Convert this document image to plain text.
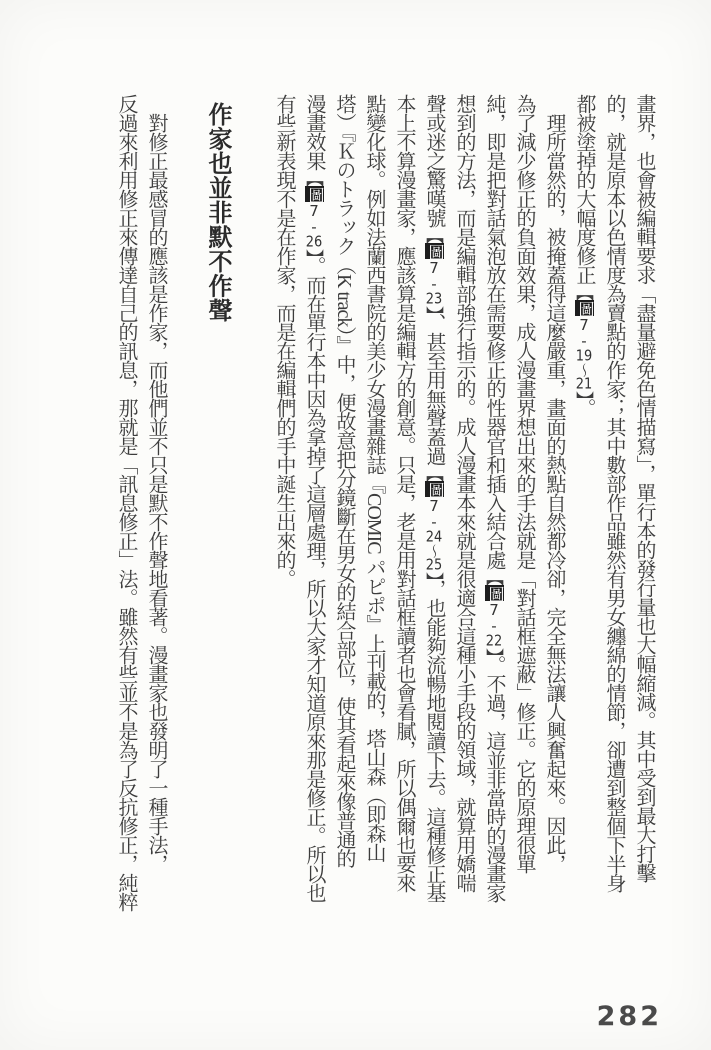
畫界，也會被編輯要求「盡量避免色情描寫」，單行本的發行量也大幅縮減。其中受到最大打擊
的，就是原本以色情度為賣點的作家；其中數部作品雖然有男女纏綿的情節，卻遭到整個下半身
都被塗掉的大幅度修正【圖7-19～21】。
理所當然的，被掩蓋得這麼嚴重，畫面的熱點自然都冷卻，完全無法讓人興奮起來。因此，
為了減少修正的負面效果，成人漫畫界想出來的手法就是「對話框遮蔽」修正。它的原理很單
純，即是把對話氣泡放在需要修正的性器官和插入結合處【圖7-22】。不過，這並非當時的漫畫家
想到的方法，而是編輯部強行指示的。成人漫畫本來就是很適合這種小手段的領域，就算用嬌喘
聲或迷之驚嘆號【圖7-23】、甚至用無聲蓋過【圖7-24～25】，也能夠流暢地閱讀下去。這種修正基
本上不算漫畫家，應該算是編輯方的創意。只是，老是用對話框讀者也會看膩，所以偶爾也要來
點變化球。例如法蘭西書院的美少女漫畫雜誌『COMIC パピポ』上刊載的，塔山森（即森山
塔）『Ｋのトラック（K track）』中，便故意把分鏡斷在男女的結合部位，使其看起來像普通的
漫畫效果【圖7-26】。而在單行本中因為拿掉了這層處理，所以大家才知道原來那是修正。所以也
有些新表現不是在作家，而是在編輯們的手中誕生出來的。
作家也並非默不作聲
對修正最感冒的應該是作家，而他們並不只是默不作聲地看著。漫畫家也發明了一種手法，
反過來利用修正來傳達自己的訊息，那就是「訊息修正」法。雖然有些並不是為了反抗修正，純粹
282
